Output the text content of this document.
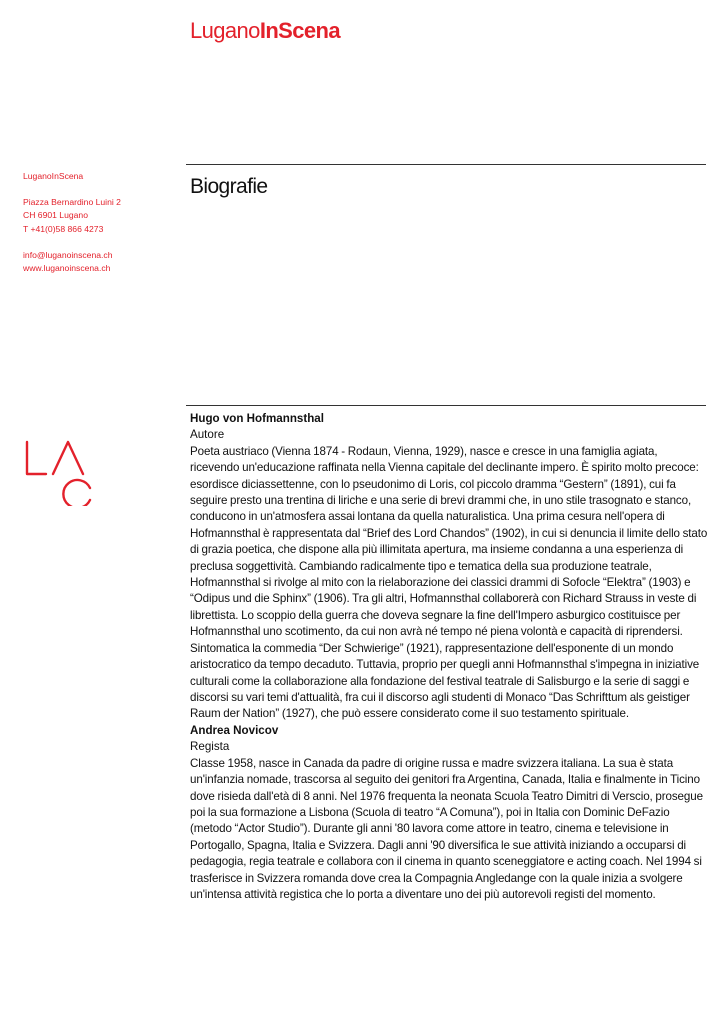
LuganoInScena
LuganoInScena
Piazza Bernardino Luini 2
CH 6901 Lugano
T +41(0)58 866 4273
info@luganoinscena.ch
www.luganoinscena.ch
Biografie
Hugo von Hofmannsthal
Autore

Poeta austriaco (Vienna 1874 - Rodaun, Vienna, 1929), nasce e cresce in una famiglia agiata, ricevendo un'educazione raffinata nella Vienna capitale del declinante impero. È spirito molto precoce: esordisce diciassettenne, con lo pseudonimo di Loris, col piccolo dramma “Gestern” (1891), cui fa seguire presto una trentina di liriche e una serie di brevi drammi che, in uno stile trasognato e stanco, conducono in un'atmosfera assai lontana da quella naturalistica. Una prima cesura nell'opera di Hofmannsthal è rappresentata dal “Brief des Lord Chandos” (1902), in cui si denuncia il limite dello stato di grazia poetica, che dispone alla più illimitata apertura, ma insieme condanna a una esperienza di preclusa soggettività. Cambiando radicalmente tipo e tematica della sua produzione teatrale, Hofmannsthal si rivolge al mito con la rielaborazione dei classici drammi di Sofocle “Elektra” (1903) e “Odipus und die Sphinx” (1906). Tra gli altri, Hofmannsthal collaborerà con Richard Strauss in veste di librettista. Lo scoppio della guerra che doveva segnare la fine dell'Impero asburgico costituisce per Hofmannsthal uno scotimento, da cui non avrà né tempo né piena volontà e capacità di riprendersi. Sintomatica la commedia “Der Schwierige” (1921), rappresentazione dell'esponente di un mondo aristocratico da tempo decaduto. Tuttavia, proprio per quegli anni Hofmannsthal s'impegna in iniziative culturali come la collaborazione alla fondazione del festival teatrale di Salisburgo e la serie di saggi e discorsi su vari temi d'attualità, fra cui il discorso agli studenti di Monaco “Das Schrifttum als geistiger Raum der Nation” (1927), che può essere considerato come il suo testamento spirituale.

Andrea Novicov
Regista

Classe 1958, nasce in Canada da padre di origine russa e madre svizzera italiana. La sua è stata un'infanzia nomade, trascorsa al seguito dei genitori fra Argentina, Canada, Italia e finalmente in Ticino dove risieda dall'età di 8 anni. Nel 1976 frequenta la neonata Scuola Teatro Dimitri di Verscio, prosegue poi la sua formazione a Lisbona (Scuola di teatro “A Comuna”), poi in Italia con Dominic DeFazio (metodo “Actor Studio”). Durante gli anni '80 lavora come attore in teatro, cinema e televisione in Portogallo, Spagna, Italia e Svizzera. Dagli anni '90 diversifica le sue attività iniziando a occuparsi di pedagogia, regia teatrale e collabora con il cinema in quanto sceneggiatore e acting coach. Nel 1994 si trasferisce in Svizzera romanda dove crea la Compagnia Angledange con la quale inizia a svolgere un'intensa attività registica che lo porta a diventare uno dei più autorevoli registi del momento.
